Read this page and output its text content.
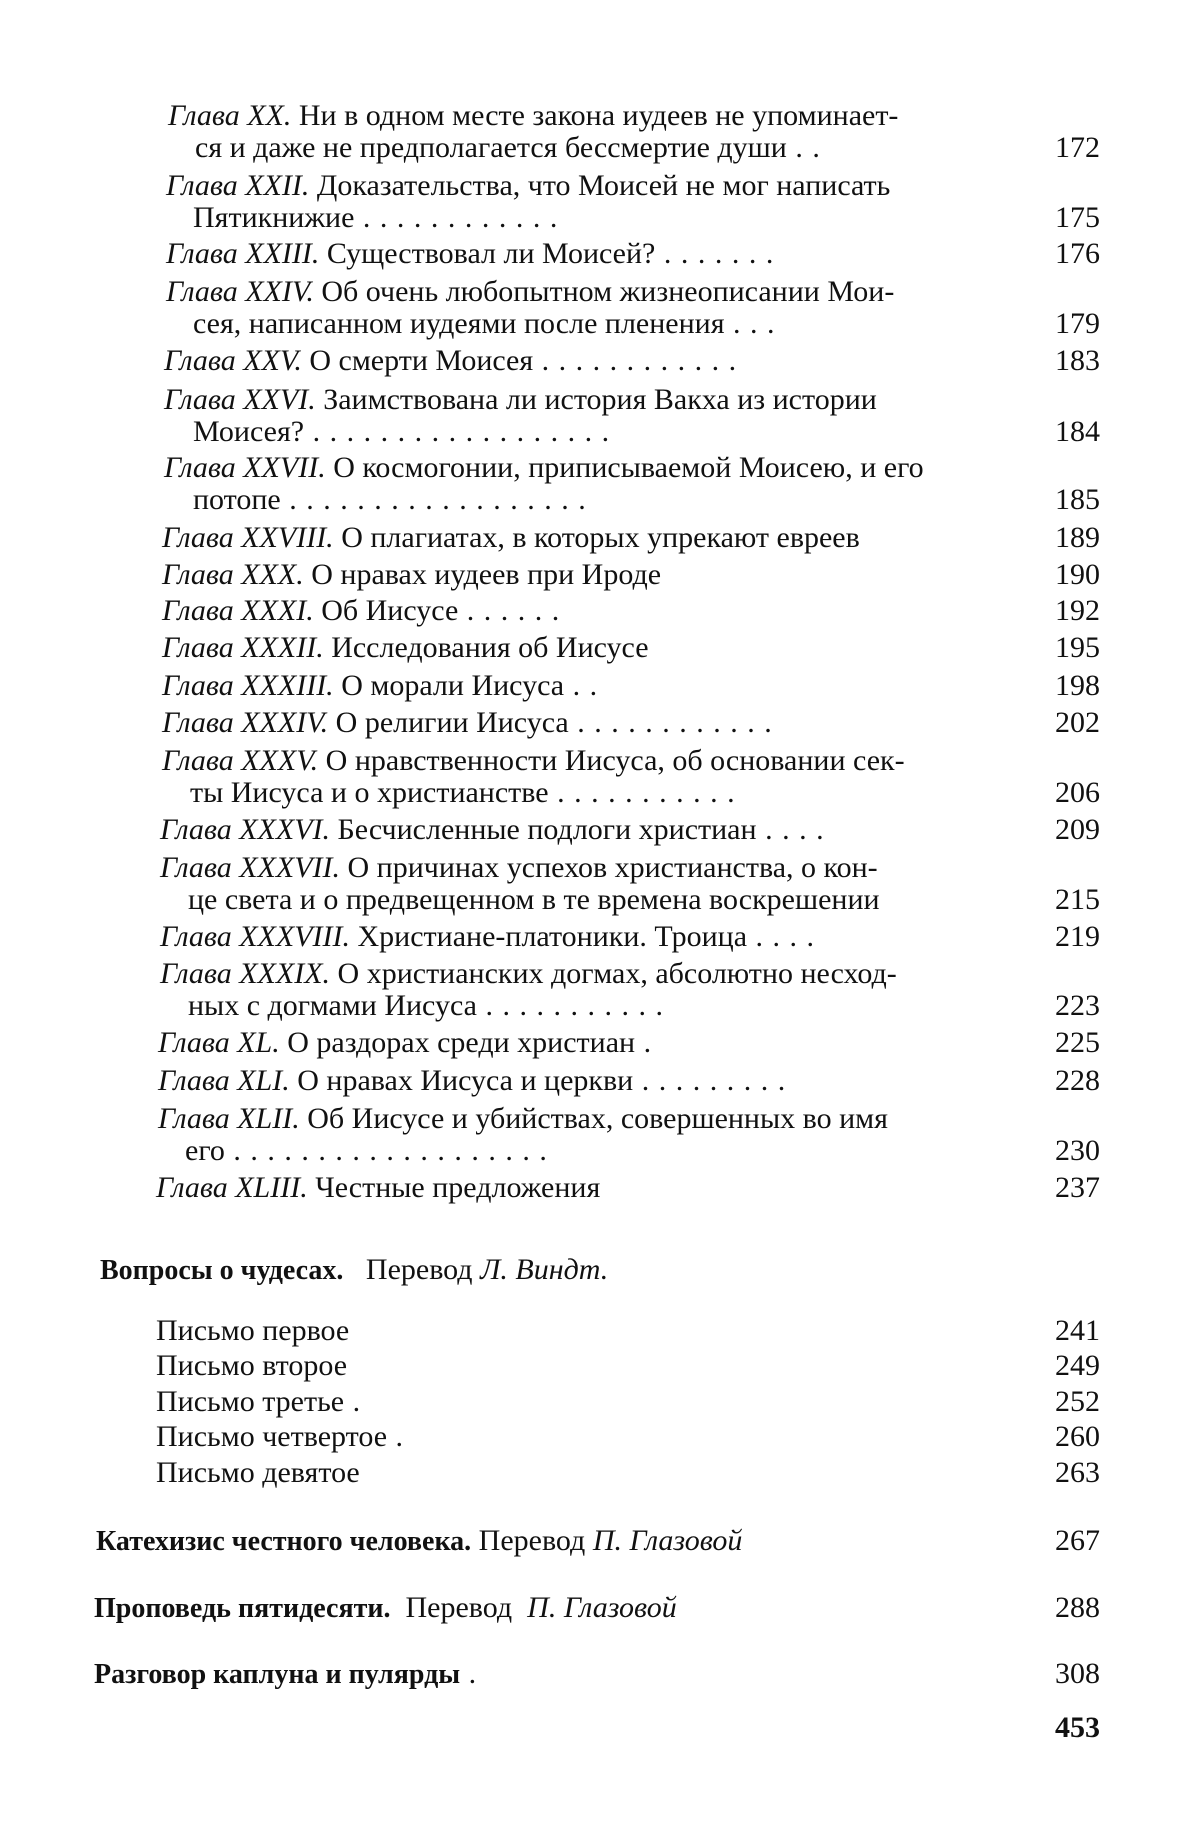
Глава XX. Ни в одном месте закона иудеев не упоминает-
ся и даже не предполагается бессмертие души . .	172
Глава XXII. Доказательства, что Моисей не мог написать
Пятикнижие . . . . . . . . . . . .	175
Глава XXIII. Существовал ли Моисей? . . . . . . .	176
Глава XXIV. Об очень любопытном жизнеописании Мои-
сея, написанном иудеями после пленения . . .	179
Глава XXV. О смерти Моисея . . . . . . . . . . . .	183
Глава XXVI. Заимствована ли история Вакха из истории
Моисея? . . . . . . . . . . . . . . . . . .	184
Глава XXVII. О космогонии, приписываемой Моисею, и его
потопе . . . . . . . . . . . . . . . . . .	185
Глава XXVIII. О плагиатах, в которых упрекают евреев	189
Глава XXX. О нравах иудеев при Ироде	190
Глава XXXI. Об Иисусе . . . . . .	192
Глава XXXII. Исследования об Иисусе	195
Глава XXXIII. О морали Иисуса . .	198
Глава XXXIV. О религии Иисуса . . . . . . . . . . . .	202
Глава XXXV. О нравственности Иисуса, об основании сек-
ты Иисуса и о христианстве . . . . . . . . . . .	206
Глава XXXVI. Бесчисленные подлоги христиан . . . .	209
Глава XXXVII. О причинах успехов христианства, о кон-
це света и о предвещенном в те времена воскрешении	215
Глава XXXVIII. Христиане-платоники. Троица . . . .	219
Глава XXXIX. О христианских догмах, абсолютно несход-
ных с догмами Иисуса . . . . . . . . . . .	223
Глава XL. О раздорах среди христиан .	225
Глава XLI. О нравах Иисуса и церкви . . . . . . . . .	228
Глава XLII. Об Иисусе и убийствах, совершенных во имя
его . . . . . . . . . . . . . . . . . . .	230
Глава XLIII. Честные предложения	237
Вопросы о чудесах. Перевод Л. Виндт.
Письмо первое	241
Письмо второе	249
Письмо третье .	252
Письмо четвертое .	260
Письмо девятое	263
Катехизис честного человека. Перевод П. Глазовой	267
Проповедь пятидесяти. Перевод П. Глазовой	288
Разговор каплуна и пулярды .	308
453
